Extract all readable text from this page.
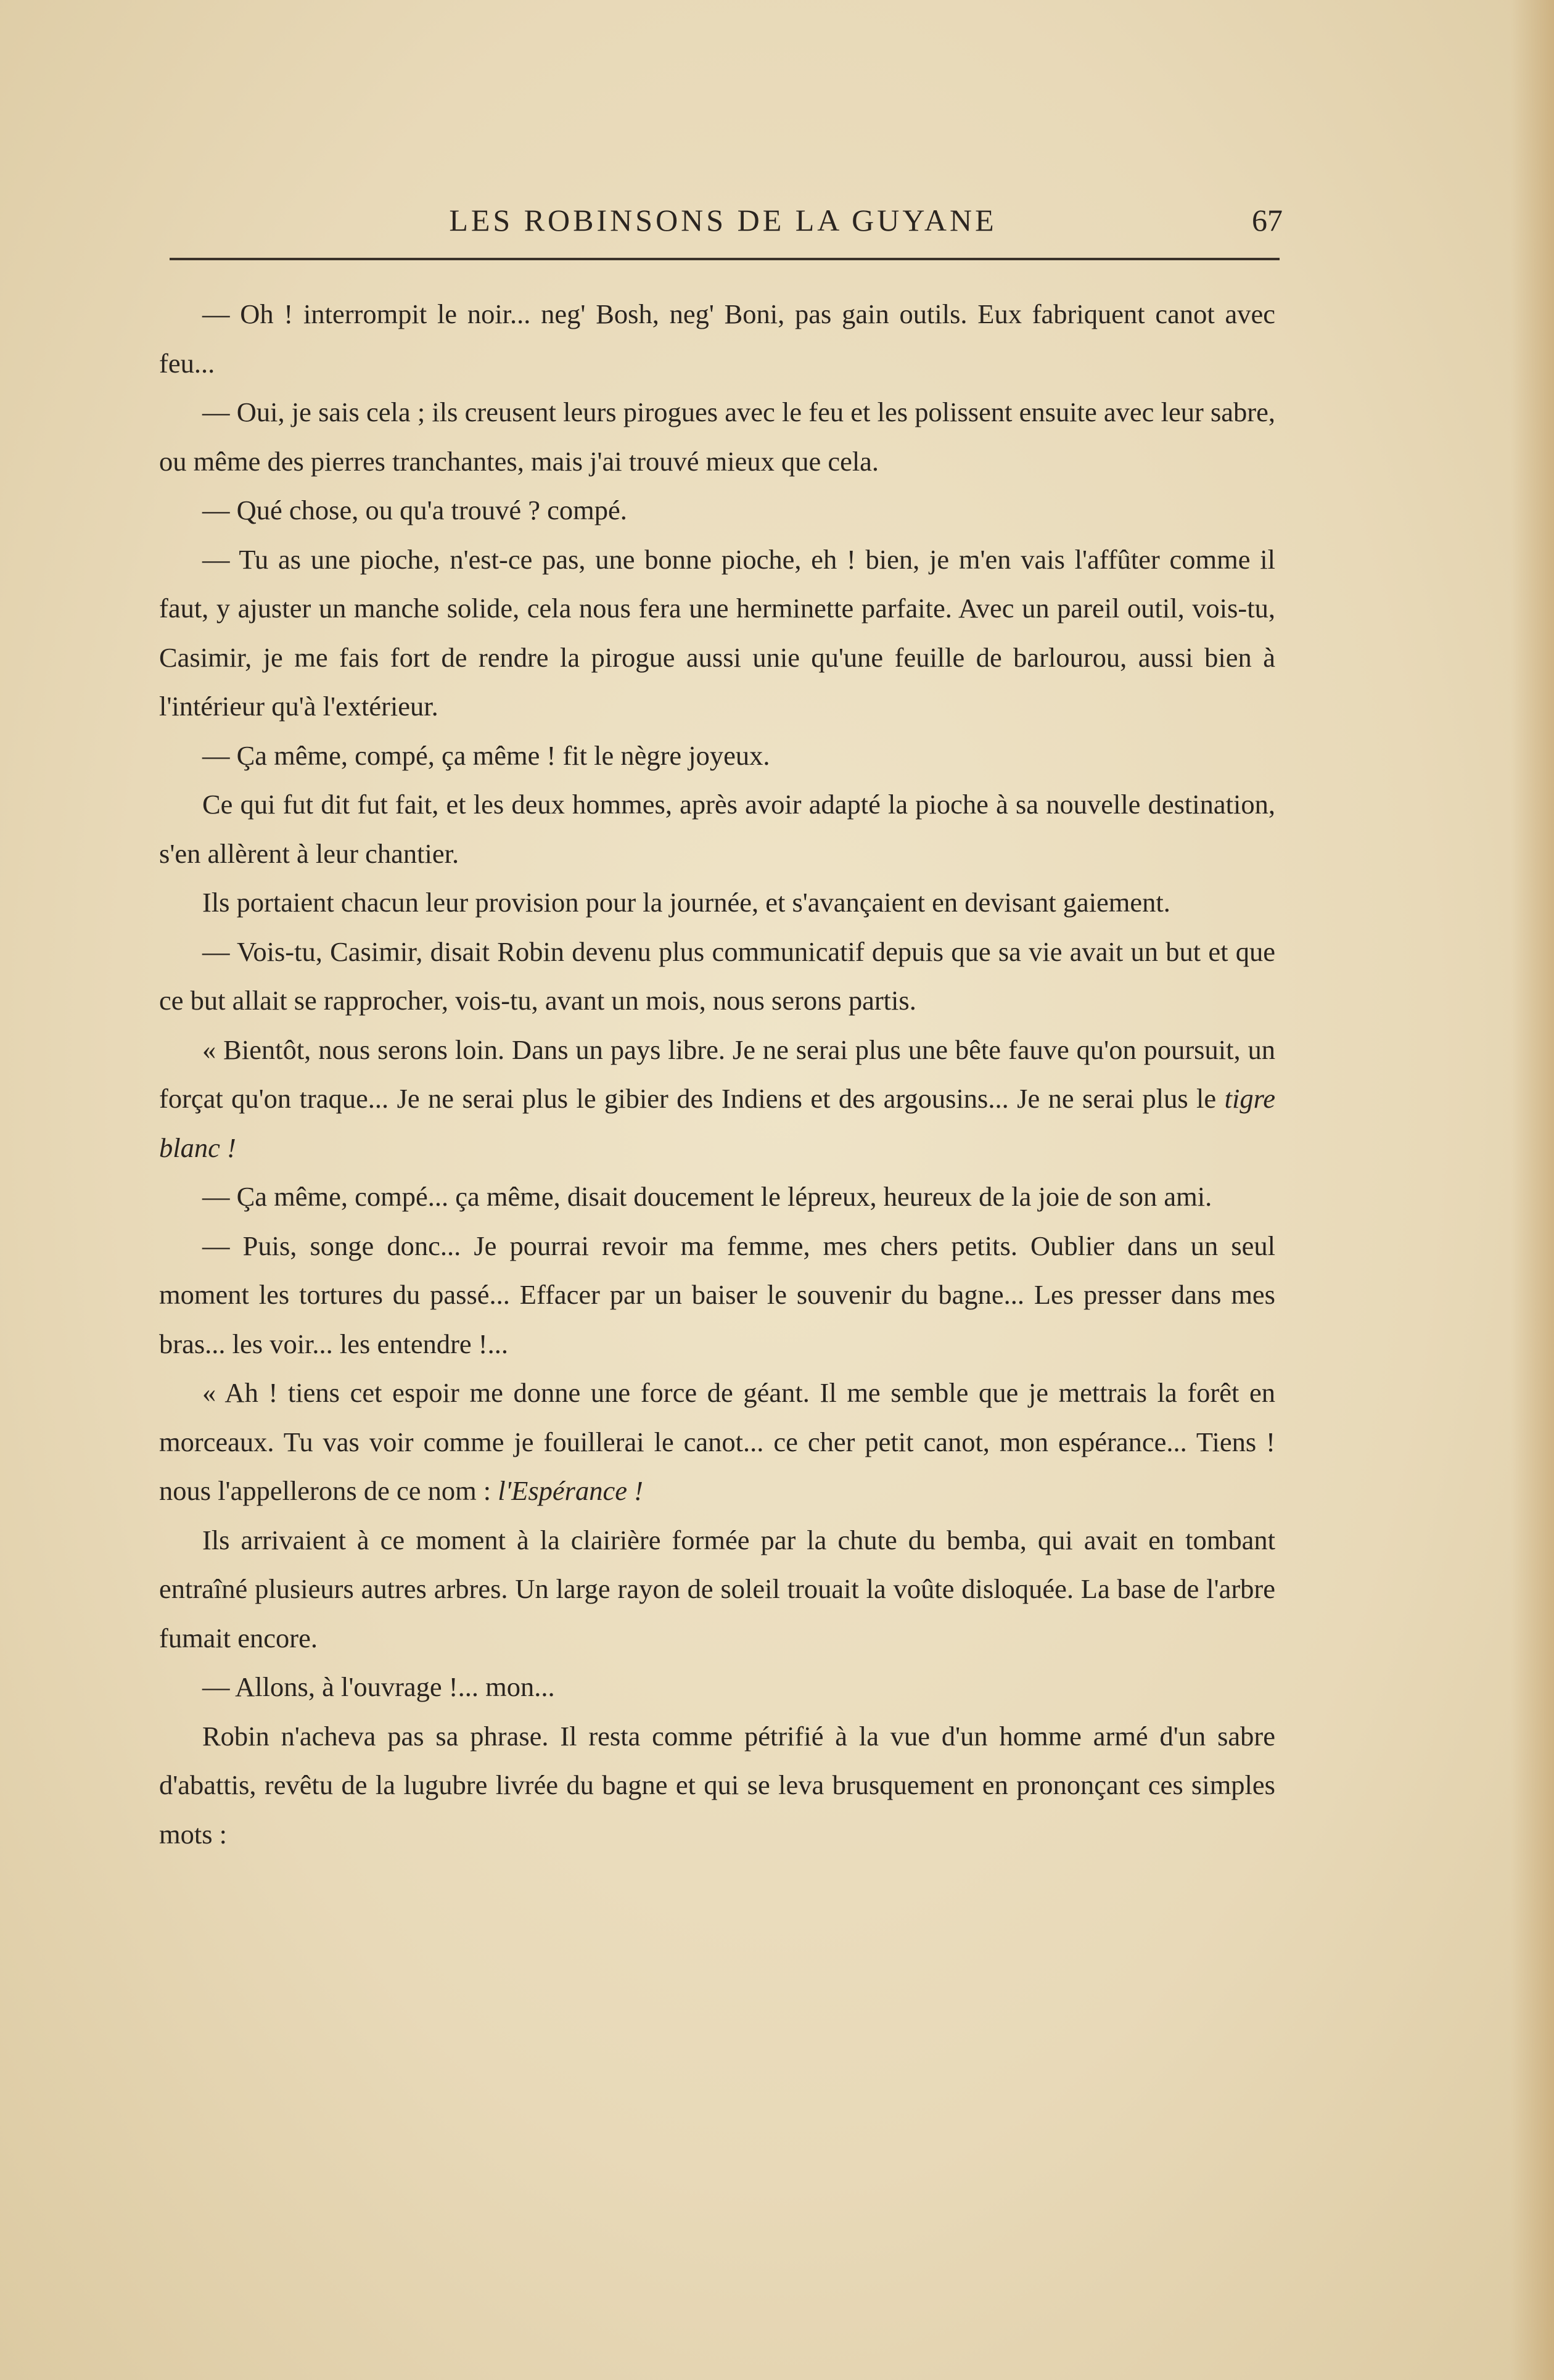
LES ROBINSONS DE LA GUYANE	67

— Oh ! interrompit le noir... neg' Bosh, neg' Boni, pas gain outils. Eux fabriquent canot avec feu...

— Oui, je sais cela ; ils creusent leurs pirogues avec le feu et les polissent ensuite avec leur sabre, ou même des pierres tranchantes, mais j'ai trouvé mieux que cela.

— Qué chose, ou qu'a trouvé ? compé.

— Tu as une pioche, n'est-ce pas, une bonne pioche, eh ! bien, je m'en vais l'affûter comme il faut, y ajuster un manche solide, cela nous fera une herminette parfaite. Avec un pareil outil, vois-tu, Casimir, je me fais fort de rendre la pirogue aussi unie qu'une feuille de barlourou, aussi bien à l'intérieur qu'à l'extérieur.

— Ça même, compé, ça même ! fit le nègre joyeux.

Ce qui fut dit fut fait, et les deux hommes, après avoir adapté la pioche à sa nouvelle destination, s'en allèrent à leur chantier.

Ils portaient chacun leur provision pour la journée, et s'avançaient en devisant gaiement.

— Vois-tu, Casimir, disait Robin devenu plus communicatif depuis que sa vie avait un but et que ce but allait se rapprocher, vois-tu, avant un mois, nous serons partis.

« Bientôt, nous serons loin. Dans un pays libre. Je ne serai plus une bête fauve qu'on poursuit, un forçat qu'on traque... Je ne serai plus le gibier des Indiens et des argousins... Je ne serai plus le tigre blanc !

— Ça même, compé... ça même, disait doucement le lépreux, heureux de la joie de son ami.

— Puis, songe donc... Je pourrai revoir ma femme, mes chers petits. Oublier dans un seul moment les tortures du passé... Effacer par un baiser le souvenir du bagne... Les presser dans mes bras... les voir... les entendre !...

« Ah ! tiens cet espoir me donne une force de géant. Il me semble que je mettrais la forêt en morceaux. Tu vas voir comme je fouillerai le canot... ce cher petit canot, mon espérance... Tiens ! nous l'appellerons de ce nom : l'Espérance !

Ils arrivaient à ce moment à la clairière formée par la chute du bemba, qui avait en tombant entraîné plusieurs autres arbres. Un large rayon de soleil trouait la voûte disloquée. La base de l'arbre fumait encore.

— Allons, à l'ouvrage !... mon...

Robin n'acheva pas sa phrase. Il resta comme pétrifié à la vue d'un homme armé d'un sabre d'abattis, revêtu de la lugubre livrée du bagne et qui se leva brusquement en prononçant ces simples mots :
